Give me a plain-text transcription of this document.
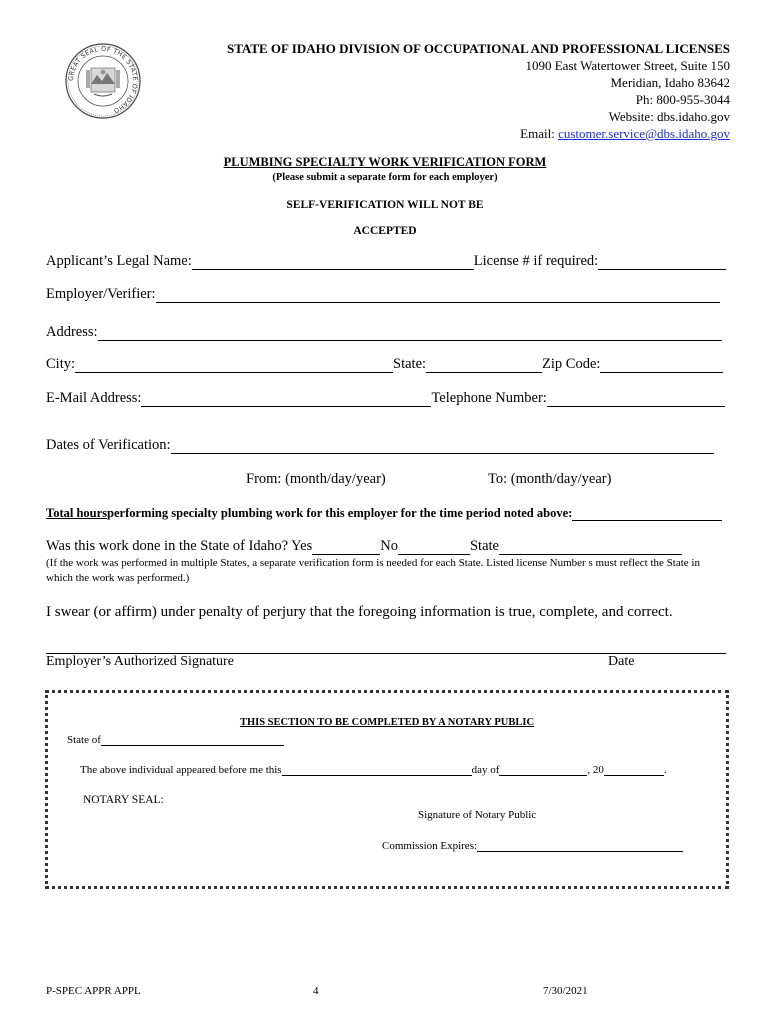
GREAT SEAL OF THE STATE OF IDAHO
STATE OF IDAHO DIVISION OF OCCUPATIONAL AND PROFESSIONAL LICENSES
1090 East Watertower Street, Suite 150
Meridian, Idaho 83642
Ph: 800-955-3044
Website: dbs.idaho.gov
Email: customer.service@dbs.idaho.gov
PLUMBING SPECIALTY WORK VERIFICATION FORM
(Please submit a separate form for each employer)
SELF-VERIFICATION WILL NOT BE
ACCEPTED
Applicant’s Legal Name:	License # if required:
Employer/Verifier:
Address:
City:	State:	Zip Code:
E-Mail Address:	Telephone Number:
Dates of Verification:
From: (month/day/year)	To: (month/day/year)
Total hours performing specialty plumbing work for this employer for the time period noted above:
Was this work done in the State of Idaho? Yes	No	State
(If the work was performed in multiple States, a separate verification form is needed for each State. Listed license Number s must reflect the State in which the work was performed.)
I swear (or affirm) under penalty of perjury that the foregoing information is true, complete, and correct.
Employer’s Authorized Signature	Date
THIS SECTION TO BE COMPLETED BY A NOTARY PUBLIC
State of
The above individual appeared before me this	day of	, 20	.
NOTARY SEAL:
Signature of Notary Public
Commission Expires:
P-SPEC APPR APPL	4	7/30/2021
